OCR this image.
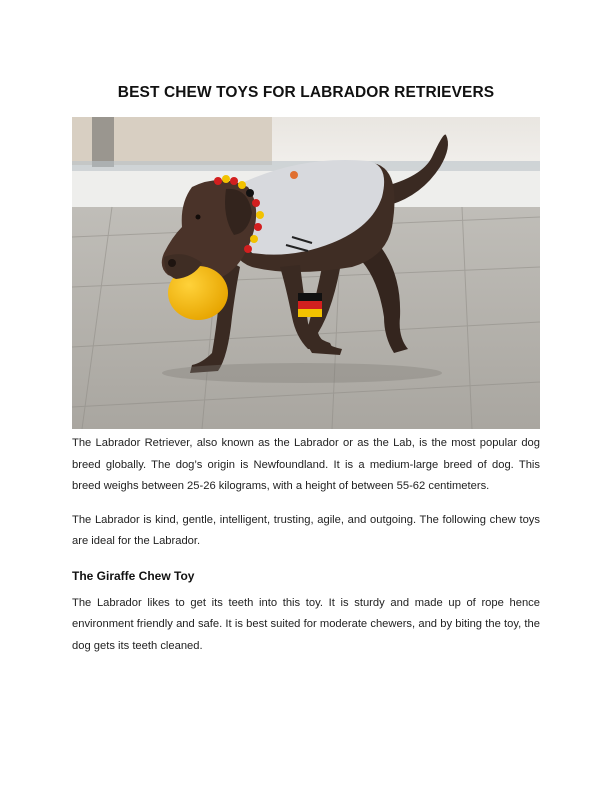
BEST CHEW TOYS FOR LABRADOR RETRIEVERS

The Labrador Retriever, also known as the Labrador or as the Lab, is the most popular dog breed globally. The dog’s origin is Newfoundland. It is a medium-large breed of dog. This breed weighs between 25-26 kilograms, with a height of between 55-62 centimeters.

The Labrador is kind, gentle, intelligent, trusting, agile, and outgoing. The following chew toys are ideal for the Labrador.

The Giraffe Chew Toy

The Labrador likes to get its teeth into this toy. It is sturdy and made up of rope hence environment friendly and safe. It is best suited for moderate chewers, and by biting the toy, the dog gets its teeth cleaned.
